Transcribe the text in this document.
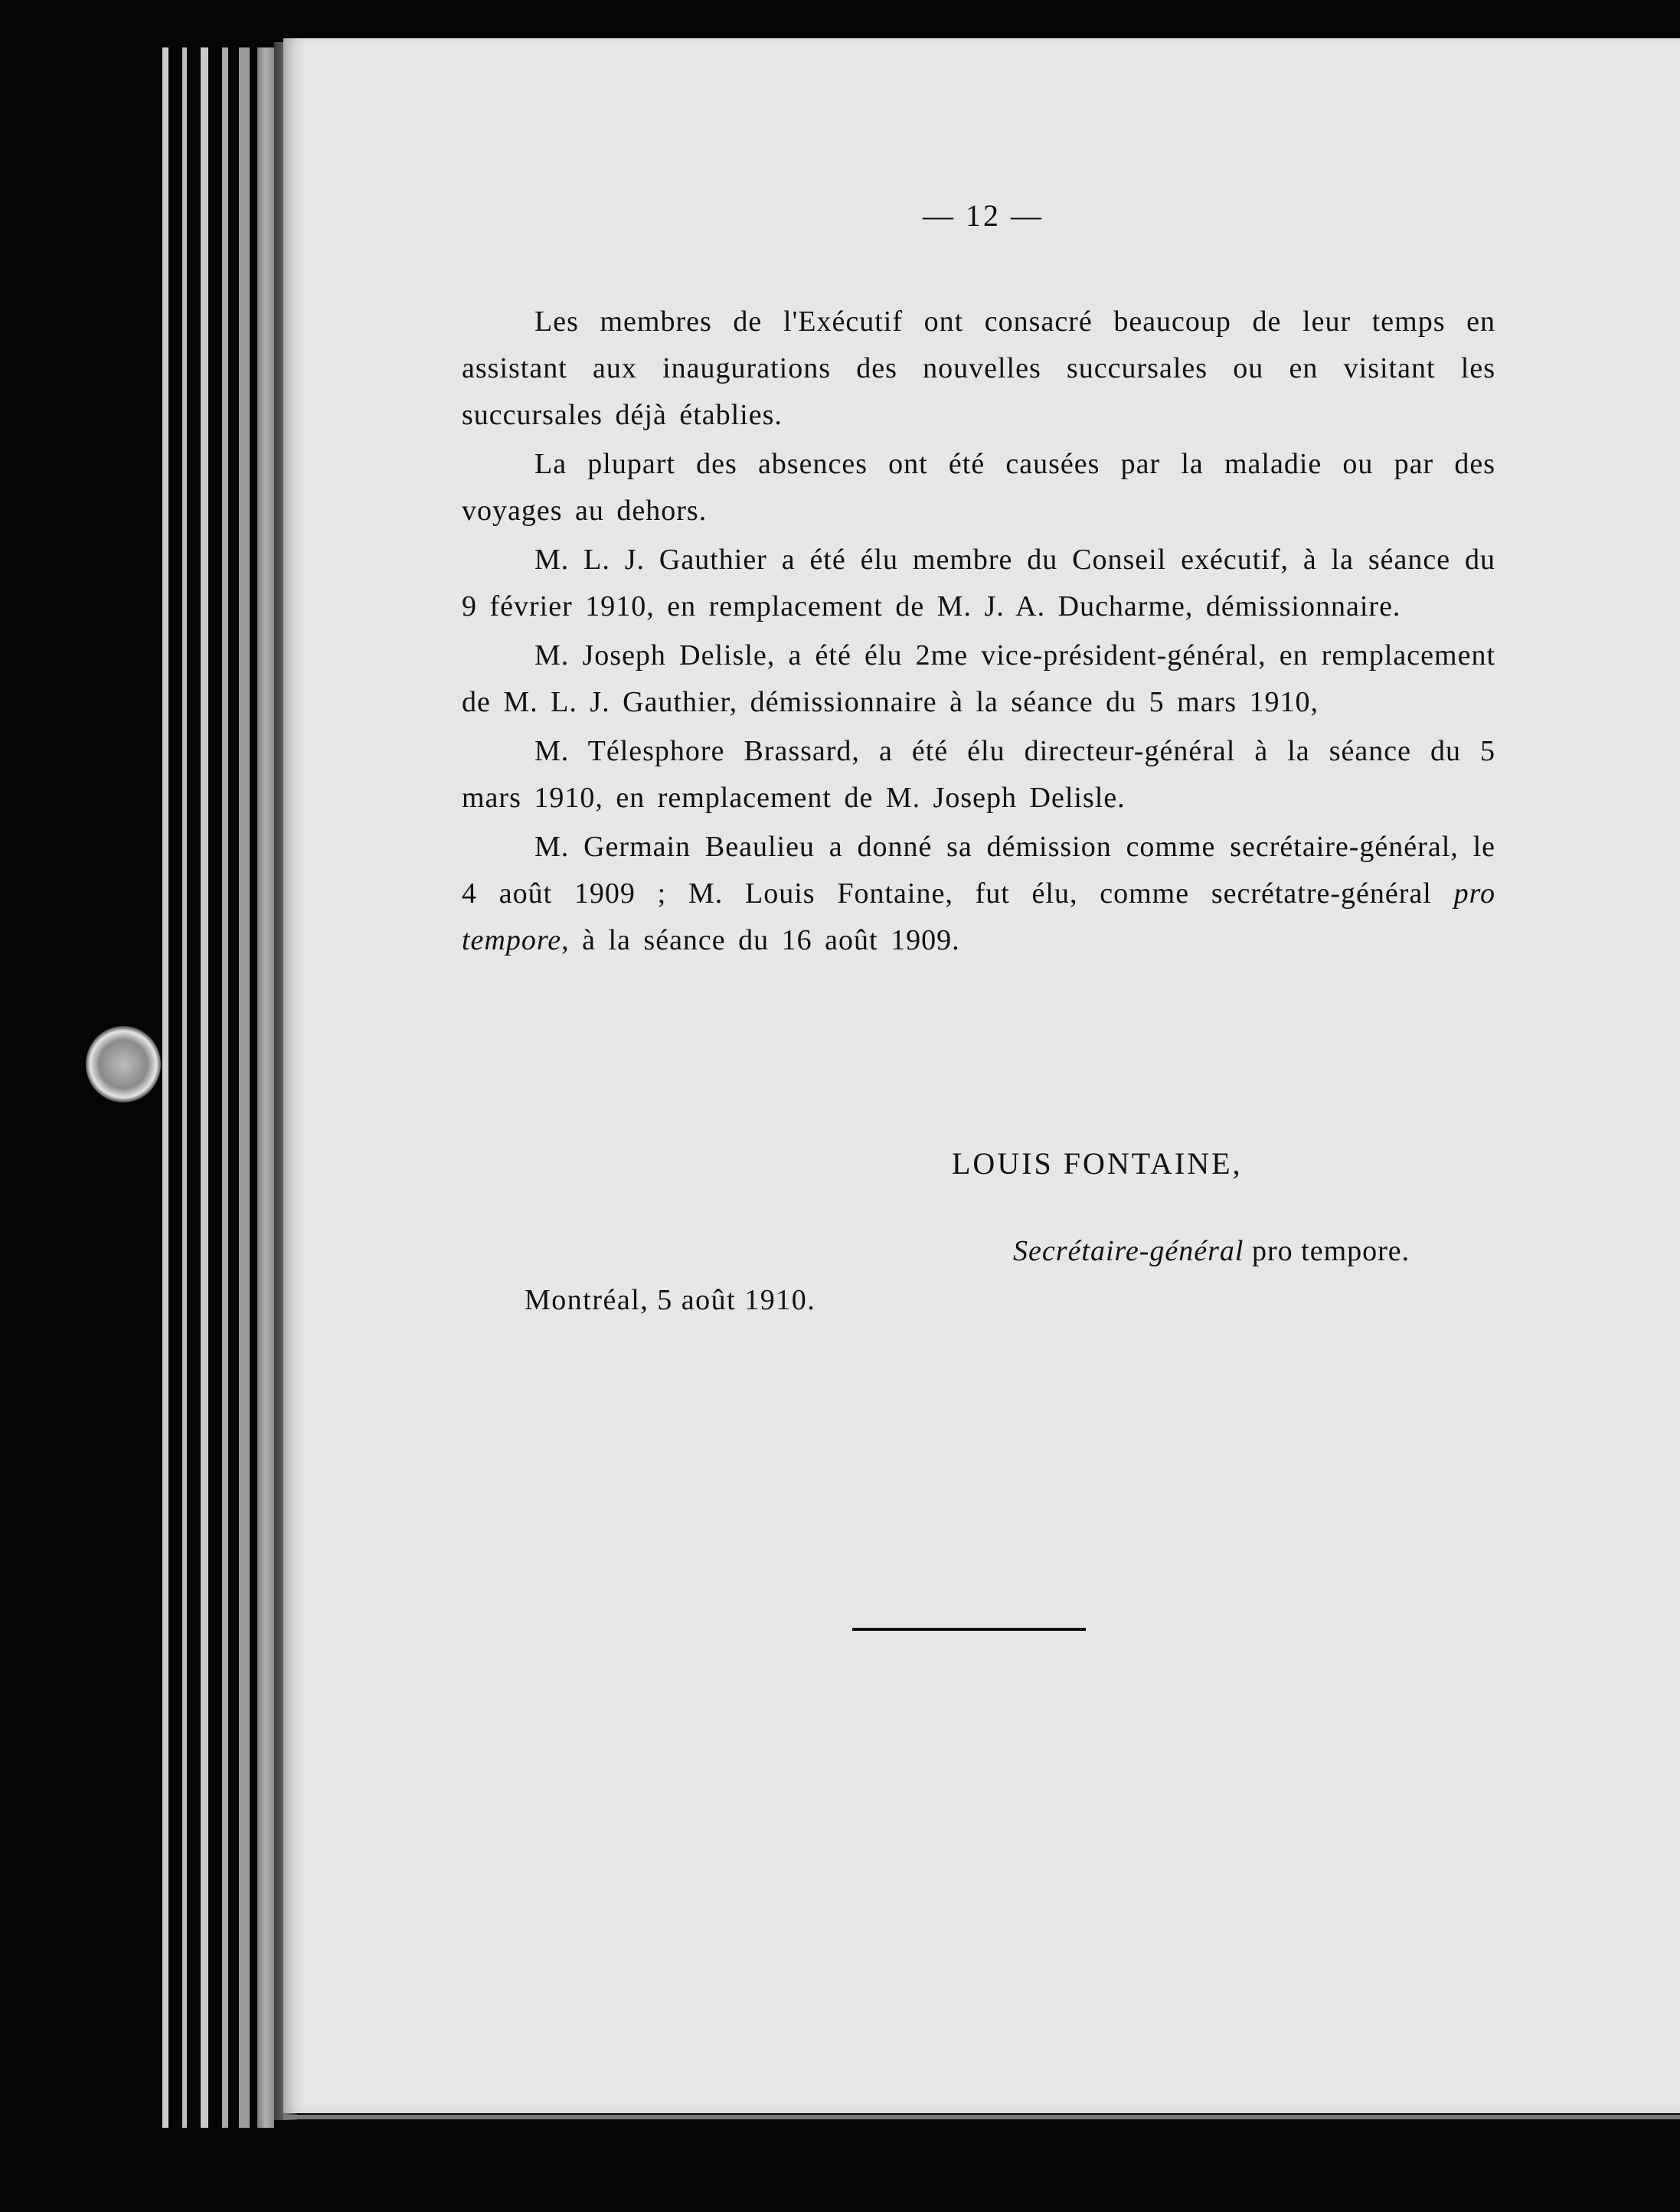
— 12 —

Les membres de l'Exécutif ont consacré beaucoup de leur temps en assistant aux inaugurations des nouvelles succursales ou en visitant les succursales déjà établies.

La plupart des absences ont été causées par la maladie ou par des voyages au dehors.

M. L. J. Gauthier a été élu membre du Conseil exécutif, à la séance du 9 février 1910, en remplacement de M. J. A. Ducharme, démissionnaire.

M. Joseph Delisle, a été élu 2me vice-président-général, en remplacement de M. L. J. Gauthier, démissionnaire à la séance du 5 mars 1910,

M. Télesphore Brassard, a été élu directeur-général à la séance du 5 mars 1910, en remplacement de M. Joseph Delisle.

M. Germain Beaulieu a donné sa démission comme secrétaire-général, le 4 août 1909 ; M. Louis Fontaine, fut élu, comme secrétatre-général pro tempore, à la séance du 16 août 1909.

LOUIS FONTAINE,
Secrétaire-général pro tempore.
Montréal, 5 août 1910.
